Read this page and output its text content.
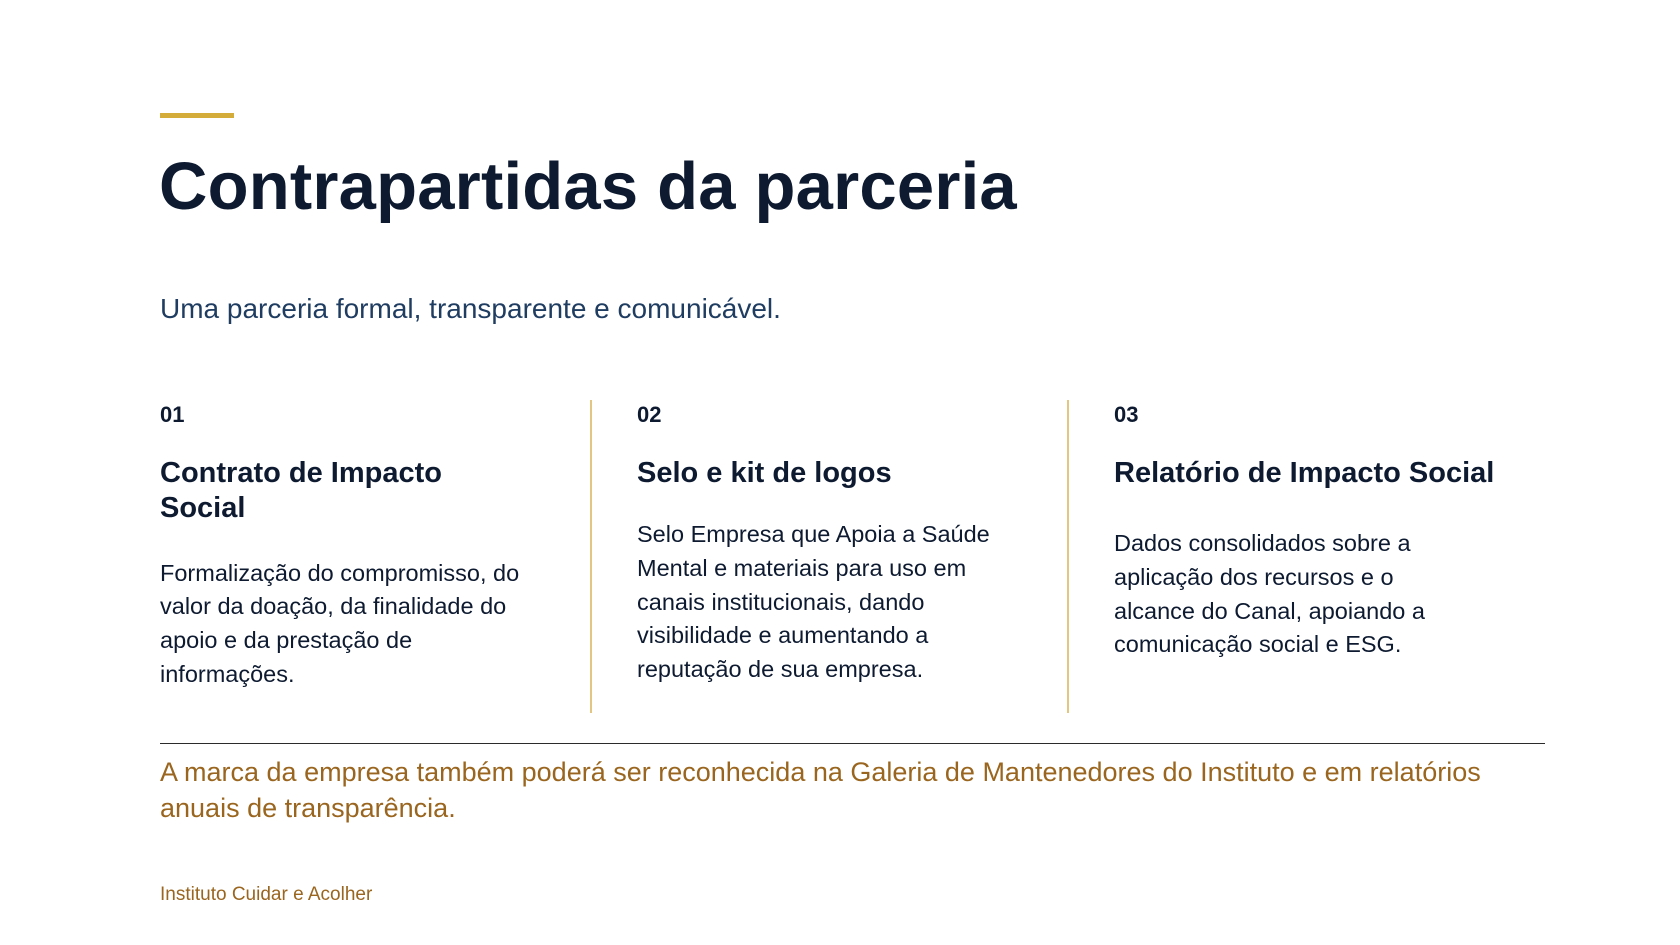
Contrapartidas da parceria

Uma parceria formal, transparente e comunicável.

01

Contrato de Impacto Social

Formalização do compromisso, do valor da doação, da finalidade do apoio e da prestação de informações.

02

Selo e kit de logos

Selo Empresa que Apoia a Saúde Mental e materiais para uso em canais institucionais, dando visibilidade e aumentando a reputação de sua empresa.

03

Relatório de Impacto Social

Dados consolidados sobre a aplicação dos recursos e o alcance do Canal, apoiando a comunicação social e ESG.

A marca da empresa também poderá ser reconhecida na Galeria de Mantenedores do Instituto e em relatórios anuais de transparência.

Instituto Cuidar e Acolher
